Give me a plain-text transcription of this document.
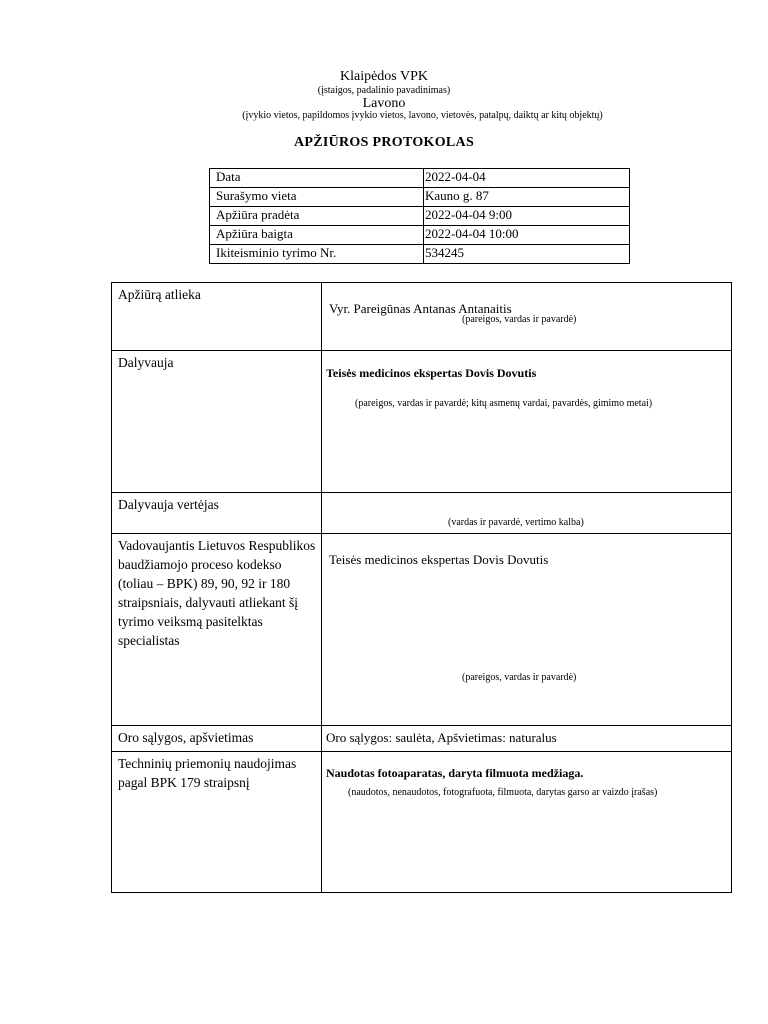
Klaipėdos VPK
(įstaigos, padalinio pavadinimas)
Lavono
(įvykio vietos, papildomos įvykio vietos, lavono, vietovės, patalpų, daiktų ar kitų objektų)
APŽIŪROS PROTOKOLAS
Data	2022-04-04
Surašymo vieta	Kauno g. 87
Apžiūra pradėta	2022-04-04 9:00
Apžiūra baigta	2022-04-04 10:00
Ikiteisminio tyrimo Nr.	534245
Apžiūrą atlieka	Vyr. Pareigūnas Antanas Antanaitis
(pareigos, vardas ir pavardė)

Dalyvauja	Teisės medicinos ekspertas Dovis Dovutis
(pareigos, vardas ir pavardė; kitų asmenų vardai, pavardės, gimimo metai)

Dalyvauja vertėjas	(vardas ir pavardė, vertimo kalba)

Vadovaujantis Lietuvos Respublikos baudžiamojo proceso kodekso (toliau – BPK) 89, 90, 92 ir 180 straipsniais, dalyvauti atliekant šį tyrimo veiksmą pasitelktas specialistas	Teisės medicinos ekspertas Dovis Dovutis
(pareigos, vardas ir pavardė)

Oro sąlygos, apšvietimas	Oro sąlygos: saulėta, Apšvietimas: naturalus

Techninių priemonių naudojimas pagal BPK 179 straipsnį	Naudotas fotoaparatas, daryta filmuota medžiaga.
(naudotos, nenaudotos, fotografuota, filmuota, darytas garso ar vaizdo įrašas)
